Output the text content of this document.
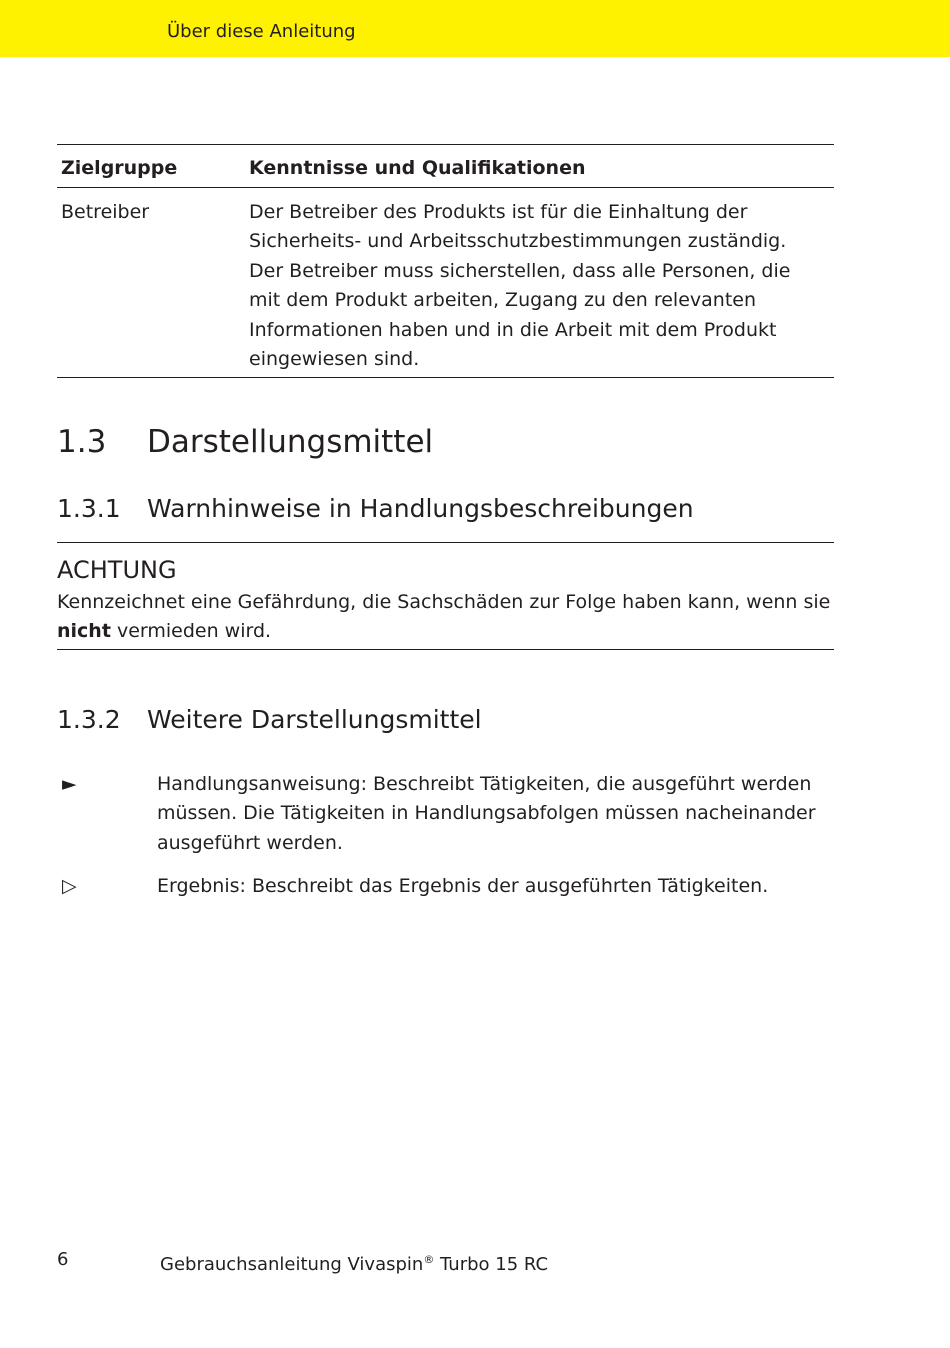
Über diese Anleitung
Zielgruppe	Kenntnisse und Qualifikationen
Betreiber	Der Betreiber des Produkts ist für die Einhaltung der Sicherheits- und Arbeitsschutzbestimmungen zuständig. Der Betreiber muss sicherstellen, dass alle Personen, die mit dem Produkt arbeiten, Zugang zu den relevanten Informationen haben und in die Arbeit mit dem Produkt eingewiesen sind.
1.3 Darstellungsmittel
1.3.1 Warnhinweise in Handlungsbeschreibungen
ACHTUNG
Kennzeichnet eine Gefährdung, die Sachschäden zur Folge haben kann, wenn sie nicht vermieden wird.
1.3.2 Weitere Darstellungsmittel
►	Handlungsanweisung: Beschreibt Tätigkeiten, die ausgeführt werden müssen. Die Tätigkeiten in Handlungsabfolgen müssen nacheinander ausgeführt werden.
▷	Ergebnis: Beschreibt das Ergebnis der ausgeführten Tätigkeiten.
6	Gebrauchsanleitung Vivaspin® Turbo 15 RC
